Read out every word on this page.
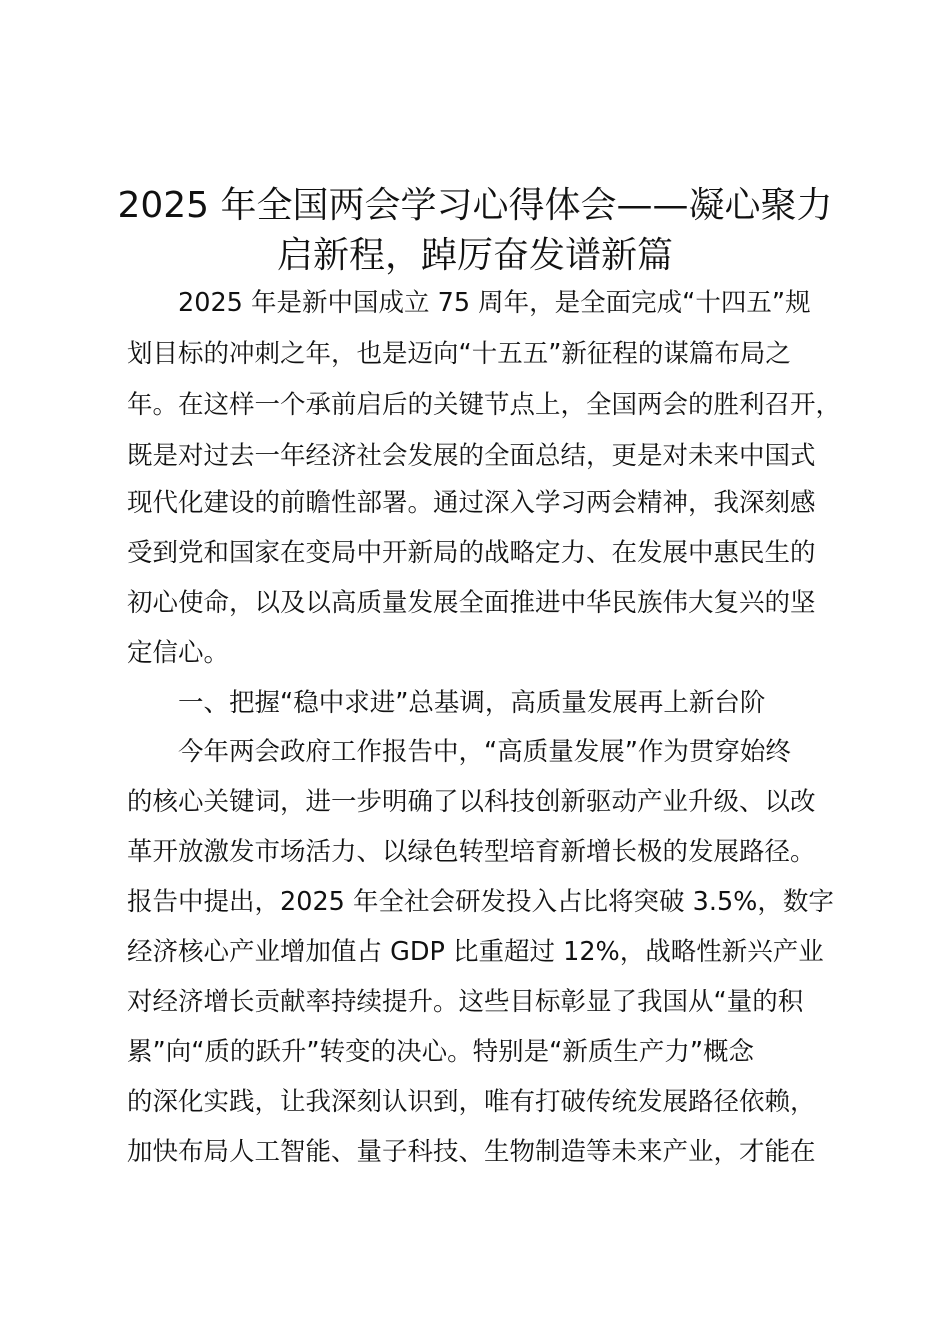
2025 年全国两会学习心得体会——凝心聚力
启新程，踔厉奋发谱新篇

2025 年是新中国成立 75 周年，是全面完成“十四五”规

划目标的冲刺之年，也是迈向“十五五”新征程的谋篇布局之

年。在这样一个承前启后的关键节点上，全国两会的胜利召开，

既是对过去一年经济社会发展的全面总结，更是对未来中国式

现代化建设的前瞻性部署。通过深入学习两会精神，我深刻感

受到党和国家在变局中开新局的战略定力、在发展中惠民生的

初心使命，以及以高质量发展全面推进中华民族伟大复兴的坚

定信心。

一、把握“稳中求进”总基调，高质量发展再上新台阶

今年两会政府工作报告中，“高质量发展”作为贯穿始终

的核心关键词，进一步明确了以科技创新驱动产业升级、以改

革开放激发市场活力、以绿色转型培育新增长极的发展路径。

报告中提出，2025 年全社会研发投入占比将突破 3.5%，数字

经济核心产业增加值占 GDP 比重超过 12%，战略性新兴产业

对经济增长贡献率持续提升。这些目标彰显了我国从“量的积

累”向“质的跃升”转变的决心。特别是“新质生产力”概念

的深化实践，让我深刻认识到，唯有打破传统发展路径依赖，

加快布局人工智能、量子科技、生物制造等未来产业，才能在
